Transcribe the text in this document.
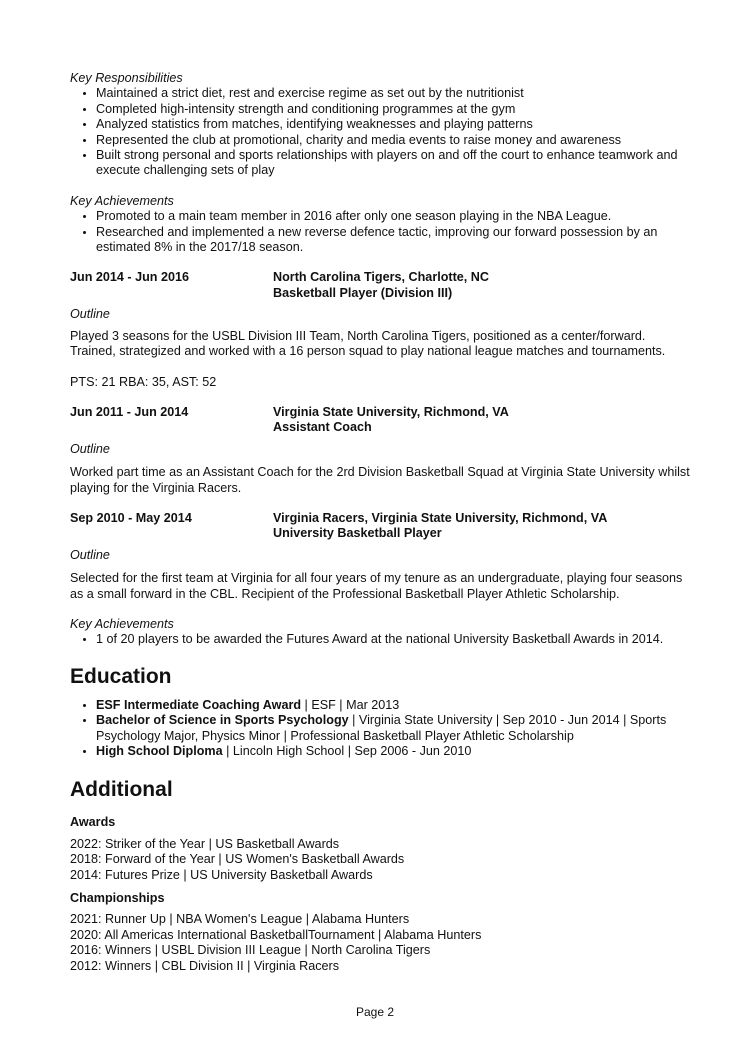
Key Responsibilities

• Maintained a strict diet, rest and exercise regime as set out by the nutritionist
• Completed high-intensity strength and conditioning programmes at the gym
• Analyzed statistics from matches, identifying weaknesses and playing patterns
• Represented the club at promotional, charity and media events to raise money and awareness
• Built strong personal and sports relationships with players on and off the court to enhance teamwork and execute challenging sets of play

Key Achievements

• Promoted to a main team member in 2016 after only one season playing in the NBA League.
• Researched and implemented a new reverse defence tactic, improving our forward possession by an estimated 8% in the 2017/18 season.
Jun 2014 - Jun 2016	North Carolina Tigers, Charlotte, NC
Basketball Player (Division III)

Outline

Played 3 seasons for the USBL Division III Team, North Carolina Tigers, positioned as a center/forward. Trained, strategized and worked with a 16 person squad to play national league matches and tournaments.

PTS: 21 RBA: 35, AST: 52

Jun 2011 - Jun 2014	Virginia State University, Richmond, VA
Assistant Coach

Outline

Worked part time as an Assistant Coach for the 2rd Division Basketball Squad at Virginia State University whilst playing for the Virginia Racers.

Sep 2010 - May 2014	Virginia Racers, Virginia State University, Richmond, VA
University Basketball Player

Outline

Selected for the first team at Virginia for all four years of my tenure as an undergraduate, playing four seasons as a small forward in the CBL. Recipient of the Professional Basketball Player Athletic Scholarship.

Key Achievements

• 1 of 20 players to be awarded the Futures Award at the national University Basketball Awards in 2014.
Education
• ESF Intermediate Coaching Award | ESF | Mar 2013
• Bachelor of Science in Sports Psychology | Virginia State University | Sep 2010 - Jun 2014 | Sports Psychology Major, Physics Minor | Professional Basketball Player Athletic Scholarship
• High School Diploma | Lincoln High School | Sep 2006 - Jun 2010
Additional
Awards
2022: Striker of the Year | US Basketball Awards
2018: Forward of the Year | US Women's Basketball Awards
2014: Futures Prize | US University Basketball Awards
Championships
2021: Runner Up | NBA Women's League | Alabama Hunters
2020: All Americas International BasketballTournament | Alabama Hunters
2016: Winners | USBL Division III League | North Carolina Tigers
2012: Winners | CBL Division II | Virginia Racers
Page 2
